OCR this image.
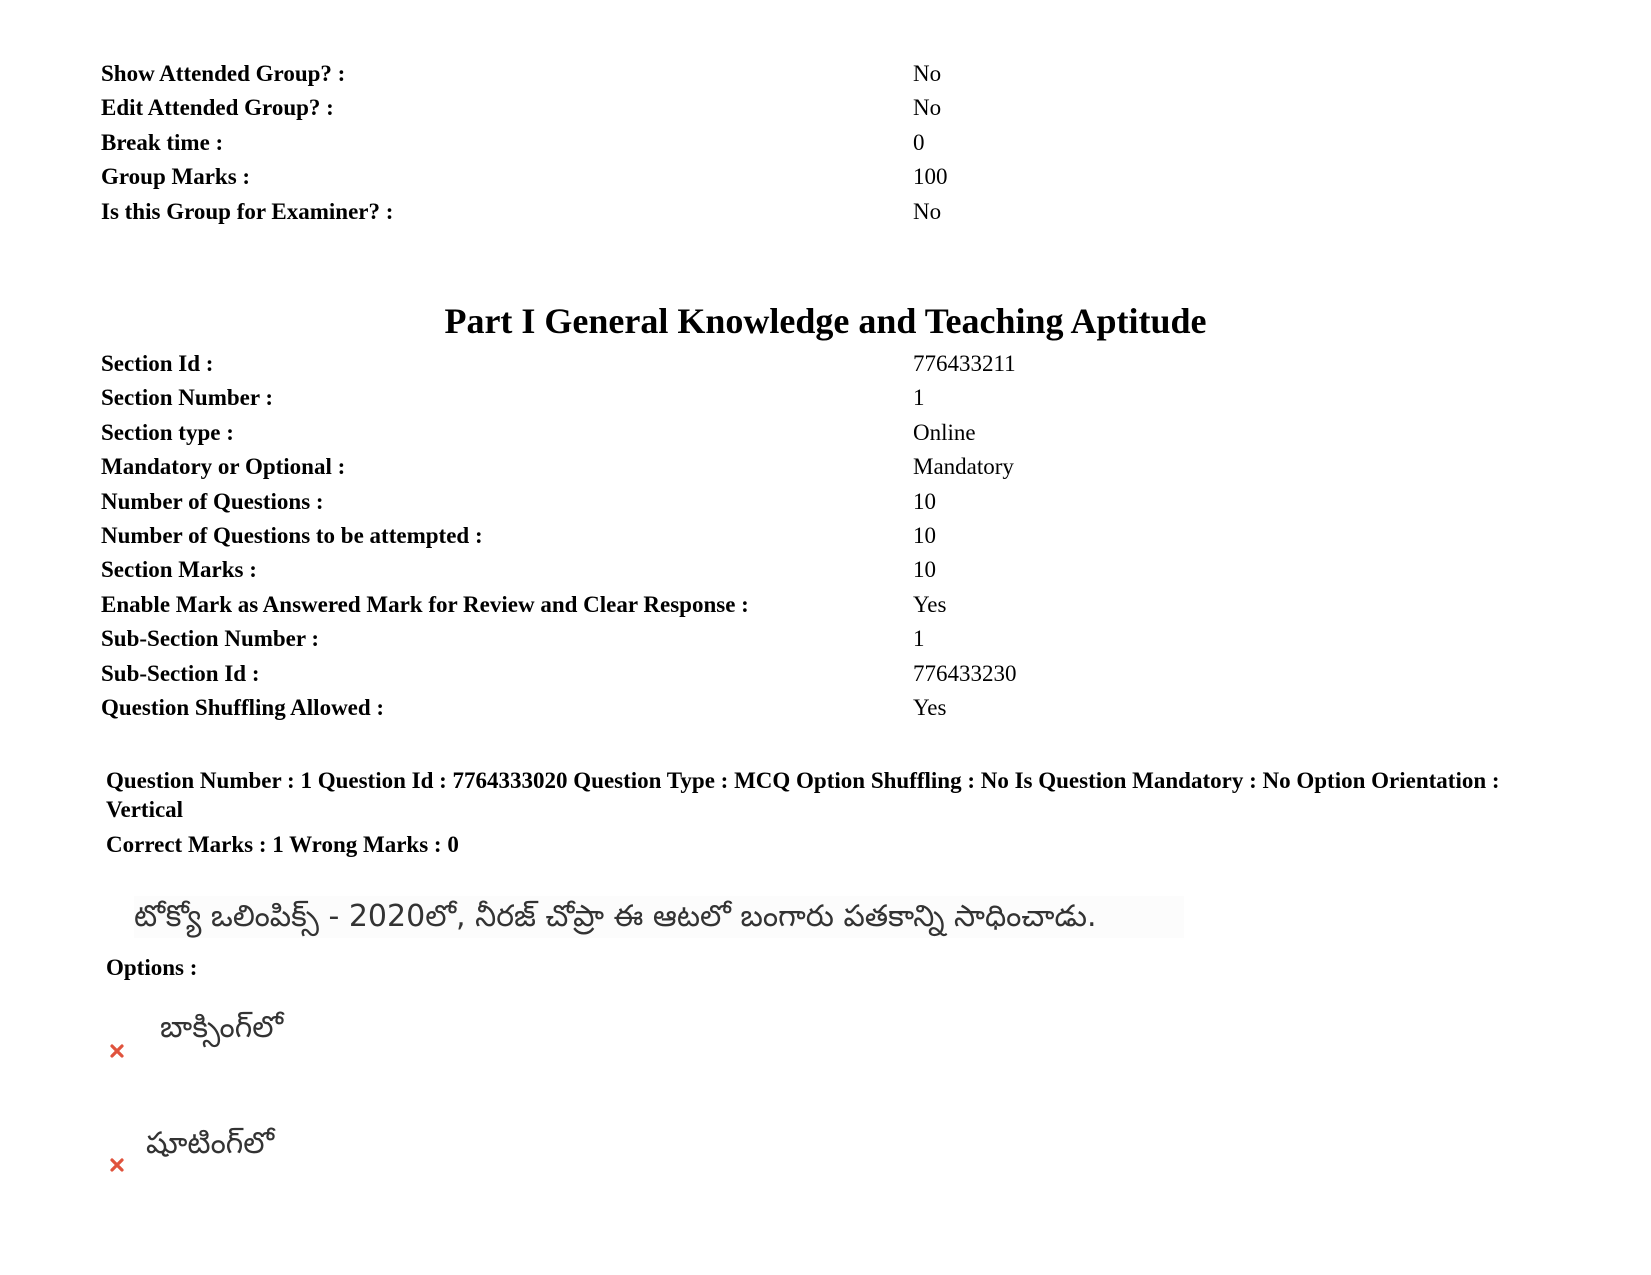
Show Attended Group? :	No
Edit Attended Group? :	No
Break time :	0
Group Marks :	100
Is this Group for Examiner? :	No
Part I General Knowledge and Teaching Aptitude
Section Id :	776433211
Section Number :	1
Section type :	Online
Mandatory or Optional :	Mandatory
Number of Questions :	10
Number of Questions to be attempted :	10
Section Marks :	10
Enable Mark as Answered Mark for Review and Clear Response :	Yes
Sub-Section Number :	1
Sub-Section Id :	776433230
Question Shuffling Allowed :	Yes
Question Number : 1 Question Id : 7764333020 Question Type : MCQ Option Shuffling : No Is Question Mandatory : No Option Orientation : Vertical
Correct Marks : 1 Wrong Marks : 0
టోక్యో ఒలింపిక్స్ - 2020లో, నీరజ్ చోప్రా ఈ ఆటలో బంగారు పతకాన్ని సాధించాడు.
Options :
బాక్సింగ్‌లో
షూటింగ్‌లో
